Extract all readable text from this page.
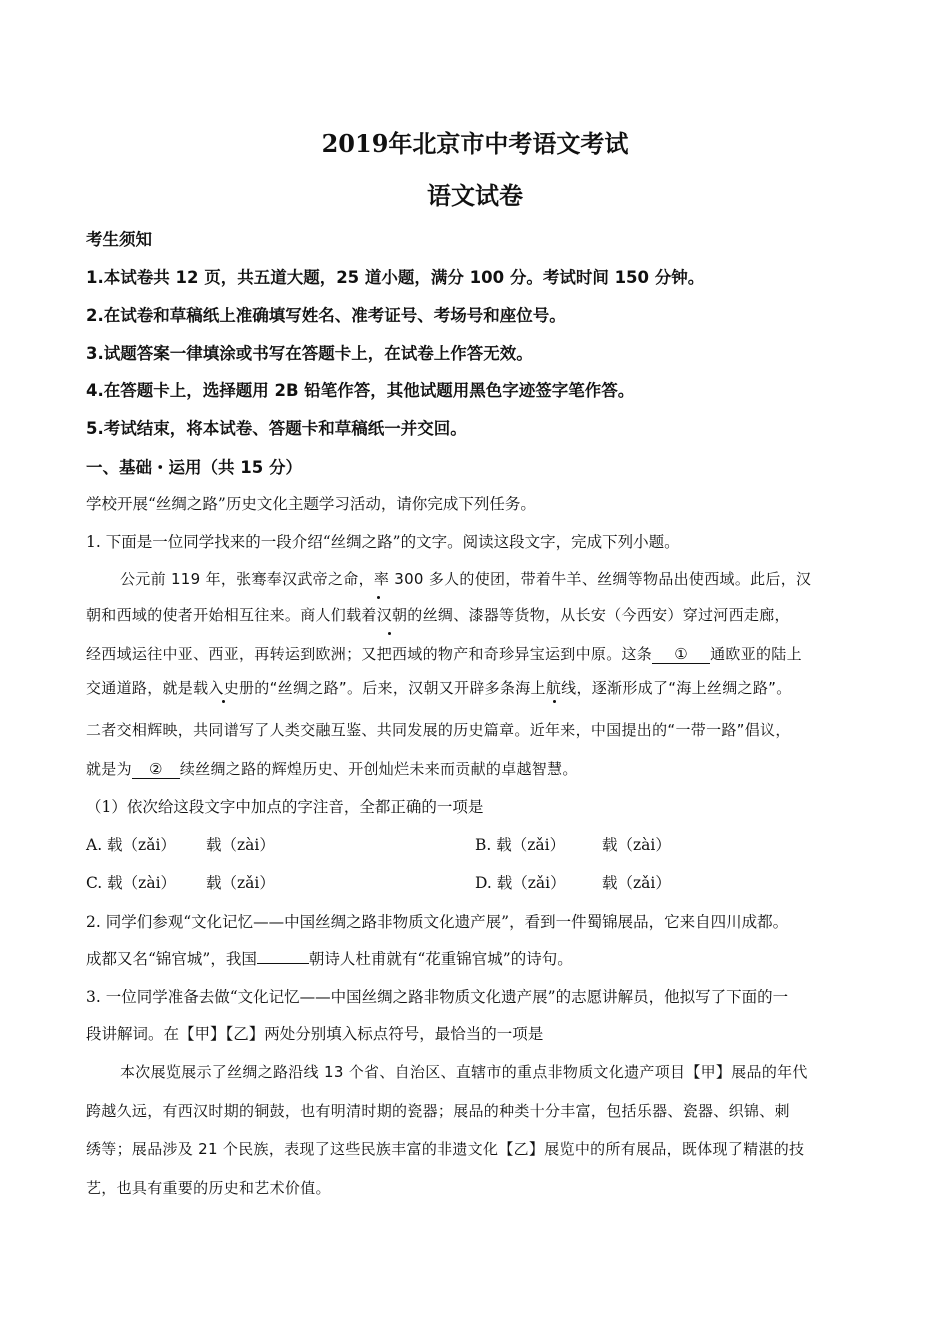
2019年北京市中考语文考试
语文试卷
考生须知
1.本试卷共 12 页，共五道大题，25 道小题，满分 100 分。考试时间 150 分钟。
2.在试卷和草稿纸上准确填写姓名、准考证号、考场号和座位号。
3.试题答案一律填涂或书写在答题卡上，在试卷上作答无效。
4.在答题卡上，选择题用 2B 铅笔作答，其他试题用黑色字迹签字笔作答。
5.考试结束，将本试卷、答题卡和草稿纸一并交回。
一、基础・运用（共 15 分）
学校开展“丝绸之路”历史文化主题学习活动，请你完成下列任务。
1. 下面是一位同学找来的一段介绍“丝绸之路”的文字。阅读这段文字，完成下列小题。
公元前 119 年，张骞奉汉武帝之命，率 300 多人的使团，带着牛羊、丝绸等物品出使西域。此后，汉
朝和西域的使者开始相互往来。商人们载着汉朝的丝绸、漆器等货物，从长安（今西安）穿过河西走廊，
经西域运往中亚、西亚，再转运到欧洲；又把西域的物产和奇珍异宝运到中原。这条 ① 通欧亚的陆上
交通道路，就是载入史册的“丝绸之路”。后来，汉朝又开辟多条海上航线，逐渐形成了“海上丝绸之路”。
二者交相辉映，共同谱写了人类交融互鉴、共同发展的历史篇章。近年来，中国提出的“一带一路”倡议，
就是为 ② 续丝绸之路的辉煌历史、开创灿烂未来而贡献的卓越智慧。
（1）依次给这段文字中加点的字注音，全都正确的一项是
A. 载（zǎi） 载（zài）	B. 载（zǎi） 载（zài）
C. 载（zài） 载（zǎi）	D. 载（zǎi） 载（zǎi）
2. 同学们参观“文化记忆——中国丝绸之路非物质文化遗产展”，看到一件蜀锦展品，它来自四川成都。
成都又名“锦官城”，我国	朝诗人杜甫就有“花重锦官城”的诗句。
3. 一位同学准备去做“文化记忆——中国丝绸之路非物质文化遗产展”的志愿讲解员，他拟写了下面的一
段讲解词。在【甲】【乙】两处分别填入标点符号，最恰当的一项是
本次展览展示了丝绸之路沿线 13 个省、自治区、直辖市的重点非物质文化遗产项目【甲】展品的年代
跨越久远，有西汉时期的铜鼓，也有明清时期的瓷器；展品的种类十分丰富，包括乐器、瓷器、织锦、刺
绣等；展品涉及 21 个民族，表现了这些民族丰富的非遗文化【乙】展览中的所有展品，既体现了精湛的技
艺，也具有重要的历史和艺术价值。
